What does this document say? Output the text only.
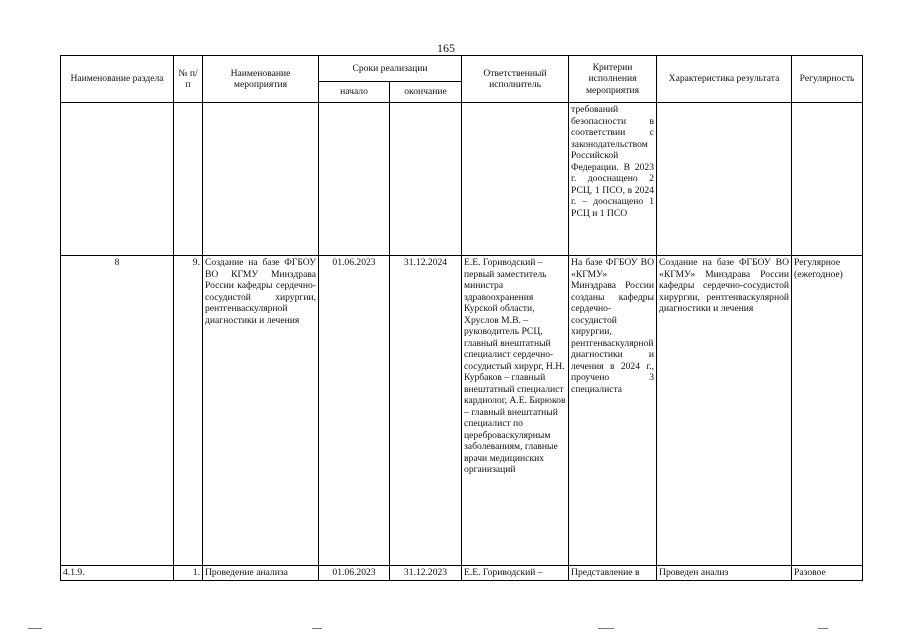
165
Наименование раздела	№ п/п	Наименование мероприятия	Сроки реализации		Ответственный исполнитель	Критерии исполнения мероприятия	Характеристика результата	Регулярность
			начало	окончание				
						требований безопасности в соответствии с законодательством Российской Федерации. В 2023 г. дооснащено 2 РСЦ, 1 ПСО, в 2024 г. – дооснащено 1 РСЦ и 1 ПСО		
8	9.	Создание на базе ФГБОУ ВО КГМУ Минздрава России кафедры сердечно-сосудистой хирургии, рентгенваскулярной диагностики и лечения	01.06.2023	31.12.2024	Е.Е. Гориводский – первый заместитель министра здравоохранения Курской области, Хруслов М.В. – руководитель РСЦ, главный внештатный специалист сердечно-сосудистый хирург, Н.Н. Курбаков – главный внештатный специалист кардиолог, А.Е. Бирюков – главный внештатный специалист по цереброваскулярным заболеваниям, главные врачи медицинских организаций	На базе ФГБОУ ВО «КГМУ» Минздрава России созданы кафедры сердечно-сосудистой хирургии, рентгенваскулярной диагностики и лечения в 2024 г., проучено 3 специалиста	Создание на базе ФГБОУ ВО «КГМУ» Минздрава России кафедры сердечно-сосудистой хирургии, рентгенваскулярной диагностики и лечения	Регулярное (ежегодное)
4.1.9.	1.	Проведение анализа	01.06.2023	31.12.2023	Е.Е. Гориводский –	Представление в	Проведен анализ	Разовое
